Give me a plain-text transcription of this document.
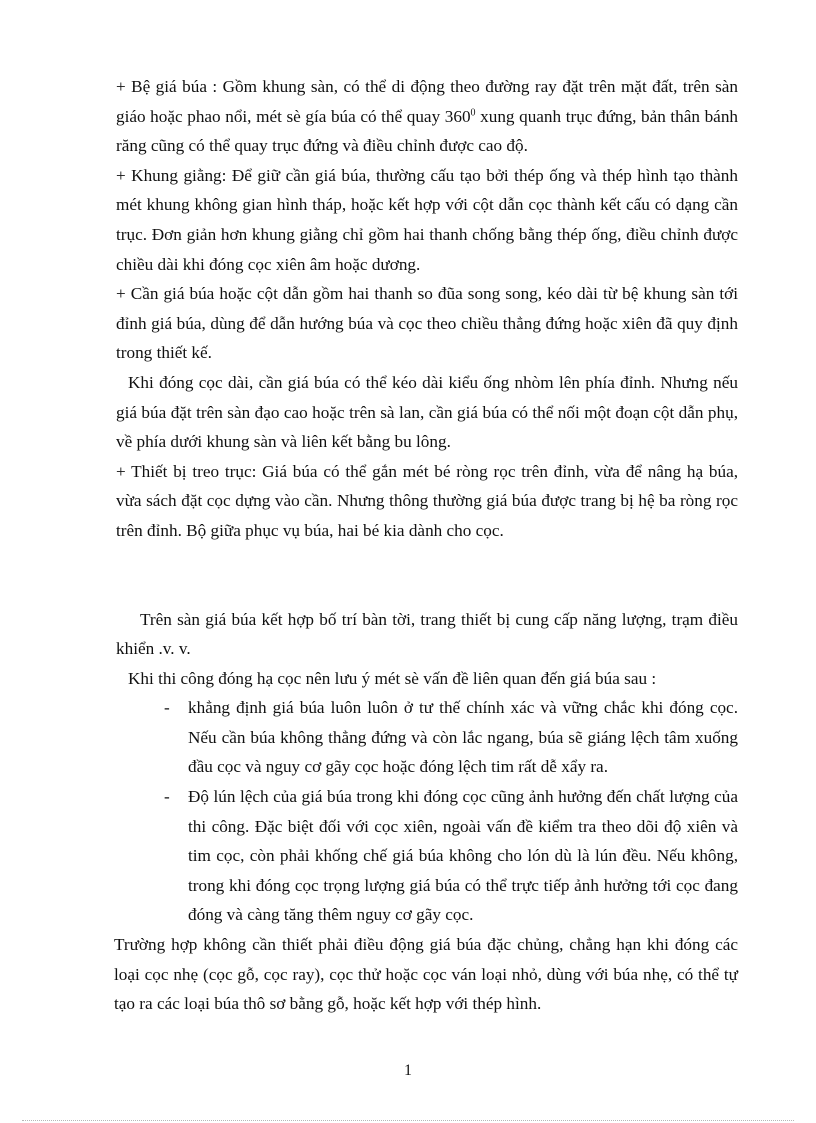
+ Bệ giá búa : Gồm khung sàn, có thể di động theo đường ray đặt trên mặt đất, trên sàn giáo hoặc phao nổi, mét sè gía búa có thể quay $360^0$ xung quanh trục đứng, bản thân bánh răng cũng có thể quay trục đứng và điều chỉnh được cao độ.

+ Khung giằng: Để giữ cần giá búa, thường cấu tạo bởi thép ống và thép hình tạo thành mét khung không gian hình tháp, hoặc kết hợp với cột dẫn cọc thành kết cấu có dạng cần trục. Đơn giản hơn khung giằng chỉ gồm hai thanh chống bằng thép ống, điều chỉnh được chiều dài khi đóng cọc xiên âm hoặc dương.

+ Cần giá búa hoặc cột dẫn gồm hai thanh so đũa song song, kéo dài từ bệ khung sàn tới đỉnh giá búa, dùng để dẫn hướng búa và cọc theo chiều thẳng đứng hoặc xiên đã quy định trong thiết kế.

Khi đóng cọc dài, cần giá búa có thể kéo dài kiểu ống nhòm lên phía đỉnh. Nhưng nếu giá búa đặt trên sàn đạo cao hoặc trên sà lan, cần giá búa có thể nối một đoạn cột dẫn phụ, về phía dưới khung sàn và liên kết bằng bu lông.

+ Thiết bị treo trục: Giá búa có thể gắn mét bé ròng rọc trên đỉnh, vừa để nâng hạ búa, vừa sách đặt cọc dựng vào cần. Nhưng thông thường giá búa được trang bị hệ ba ròng rọc trên đỉnh. Bộ giữa phục vụ búa, hai bé kia dành cho cọc.

Trên sàn giá búa kết hợp bố trí bàn tời, trang thiết bị cung cấp năng lượng, trạm điều khiển .v. v.

Khi thi công đóng hạ cọc nên lưu ý mét sè vấn đề liên quan đến giá búa sau :

- khẳng định giá búa luôn luôn ở tư thế chính xác và vững chắc khi đóng cọc. Nếu cần búa không thẳng đứng và còn lắc ngang, búa sẽ giáng lệch tâm xuống đầu cọc và nguy cơ gãy cọc hoặc đóng lệch tim rất dễ xẩy ra.
- Độ lún lệch của giá búa trong khi đóng cọc cũng ảnh hưởng đến chất lượng của thi công. Đặc biệt đối với cọc xiên, ngoài vấn đề kiểm tra theo dõi độ xiên và tim cọc, còn phải khống chế giá búa không cho lón dù là lún đều. Nếu không, trong khi đóng cọc trọng lượng giá búa có thể trực tiếp ảnh hưởng tới cọc đang đóng và càng tăng thêm nguy cơ gãy cọc.

Trường hợp không cần thiết phải điều động giá búa đặc chủng, chẳng hạn khi đóng các loại cọc nhẹ (cọc gỗ, cọc ray), cọc thử hoặc cọc ván loại nhỏ, dùng với búa nhẹ, có thể tự tạo ra các loại búa thô sơ bằng gỗ, hoặc kết hợp với thép hình.

1
